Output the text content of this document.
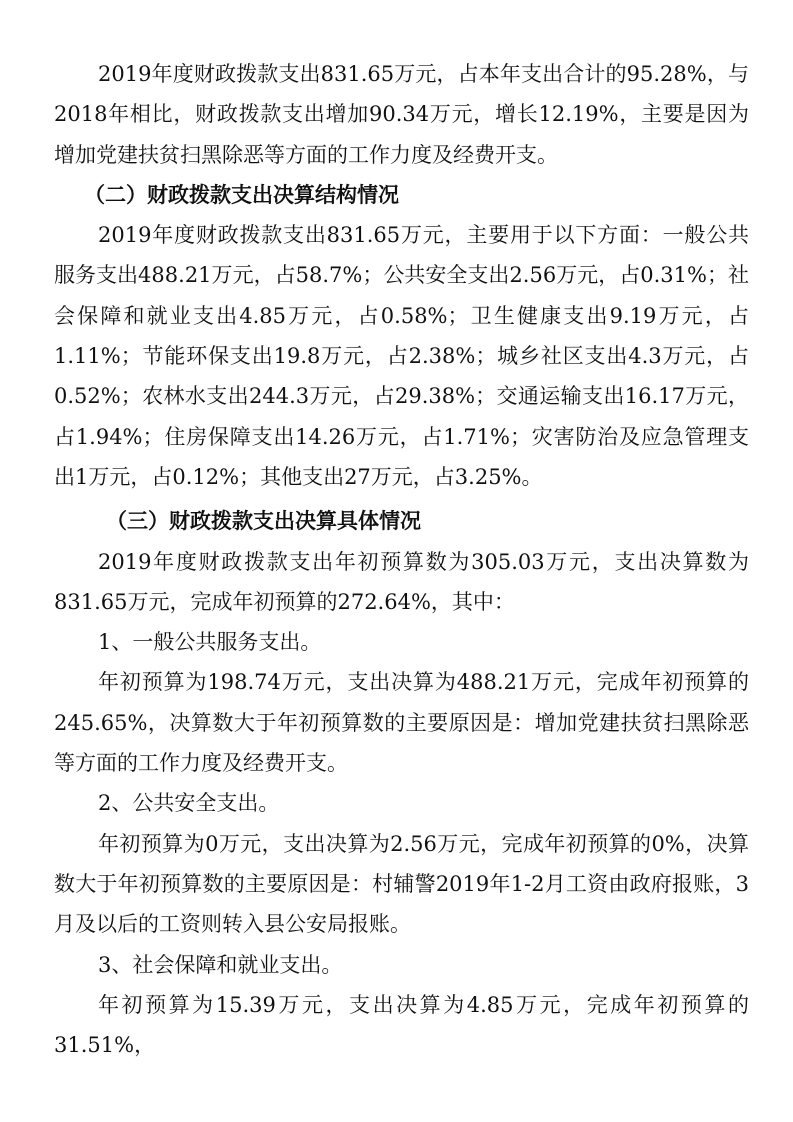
2019年度财政拨款支出831.65万元，占本年支出合计的95.28%，与2018年相比，财政拨款支出增加90.34万元，增长12.19%，主要是因为增加党建扶贫扫黑除恶等方面的工作力度及经费开支。

（二）财政拨款支出决算结构情况

2019年度财政拨款支出831.65万元，主要用于以下方面：一般公共服务支出488.21万元，占58.7%；公共安全支出2.56万元，占0.31%；社会保障和就业支出4.85万元，占0.58%；卫生健康支出9.19万元，占1.11%；节能环保支出19.8万元，占2.38%；城乡社区支出4.3万元，占0.52%；农林水支出244.3万元，占29.38%；交通运输支出16.17万元，占1.94%；住房保障支出14.26万元，占1.71%；灾害防治及应急管理支出1万元，占0.12%；其他支出27万元，占3.25%。

（三）财政拨款支出决算具体情况

2019年度财政拨款支出年初预算数为305.03万元，支出决算数为831.65万元，完成年初预算的272.64%，其中：

1、一般公共服务支出。

年初预算为198.74万元，支出决算为488.21万元，完成年初预算的245.65%，决算数大于年初预算数的主要原因是：增加党建扶贫扫黑除恶等方面的工作力度及经费开支。

2、公共安全支出。

年初预算为0万元，支出决算为2.56万元，完成年初预算的0%，决算数大于年初预算数的主要原因是：村辅警2019年1-2月工资由政府报账，3月及以后的工资则转入县公安局报账。

3、社会保障和就业支出。

年初预算为15.39万元，支出决算为4.85万元，完成年初预算的31.51%，
